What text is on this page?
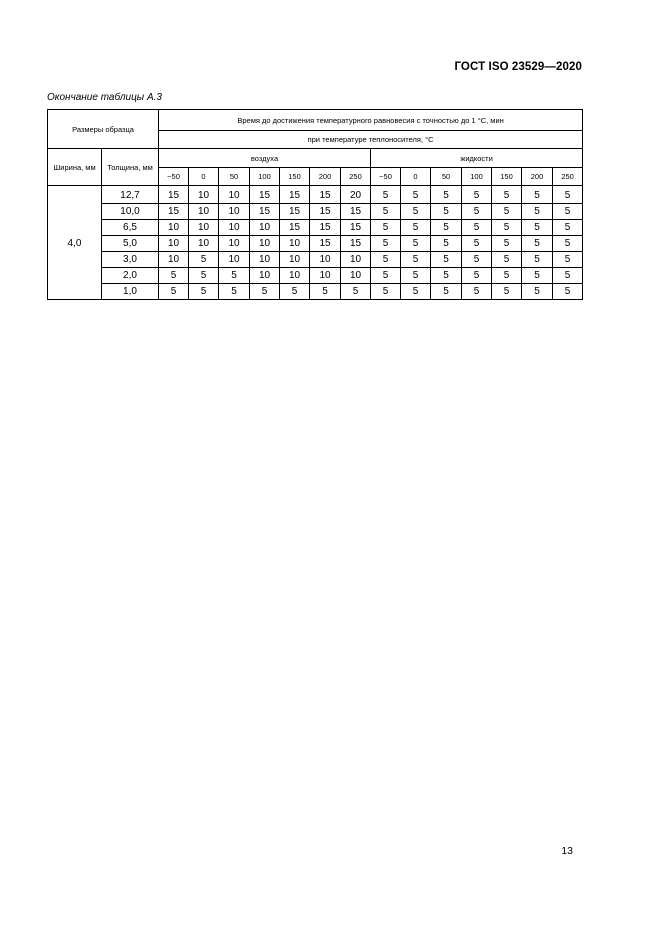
ГОСТ ISO 23529—2020
Окончание таблицы А.3
Размеры образца		Время до достижения температурного равновесия с точностью до 1 °С, мин													
		при температуре теплоносителя, °С													
Ширина, мм	Толщина, мм	воздуха							жидкости						
		−50	0	50	100	150	200	250	−50	0	50	100	150	200	250
4,0	12,7	15	10	10	15	15	15	20	5	5	5	5	5	5	5
	10,0	15	10	10	15	15	15	15	5	5	5	5	5	5	5
	6,5	10	10	10	10	15	15	15	5	5	5	5	5	5	5
	5,0	10	10	10	10	10	15	15	5	5	5	5	5	5	5
	3,0	10	5	10	10	10	10	10	5	5	5	5	5	5	5
	2,0	5	5	5	10	10	10	10	5	5	5	5	5	5	5
	1,0	5	5	5	5	5	5	5	5	5	5	5	5	5	5
13
